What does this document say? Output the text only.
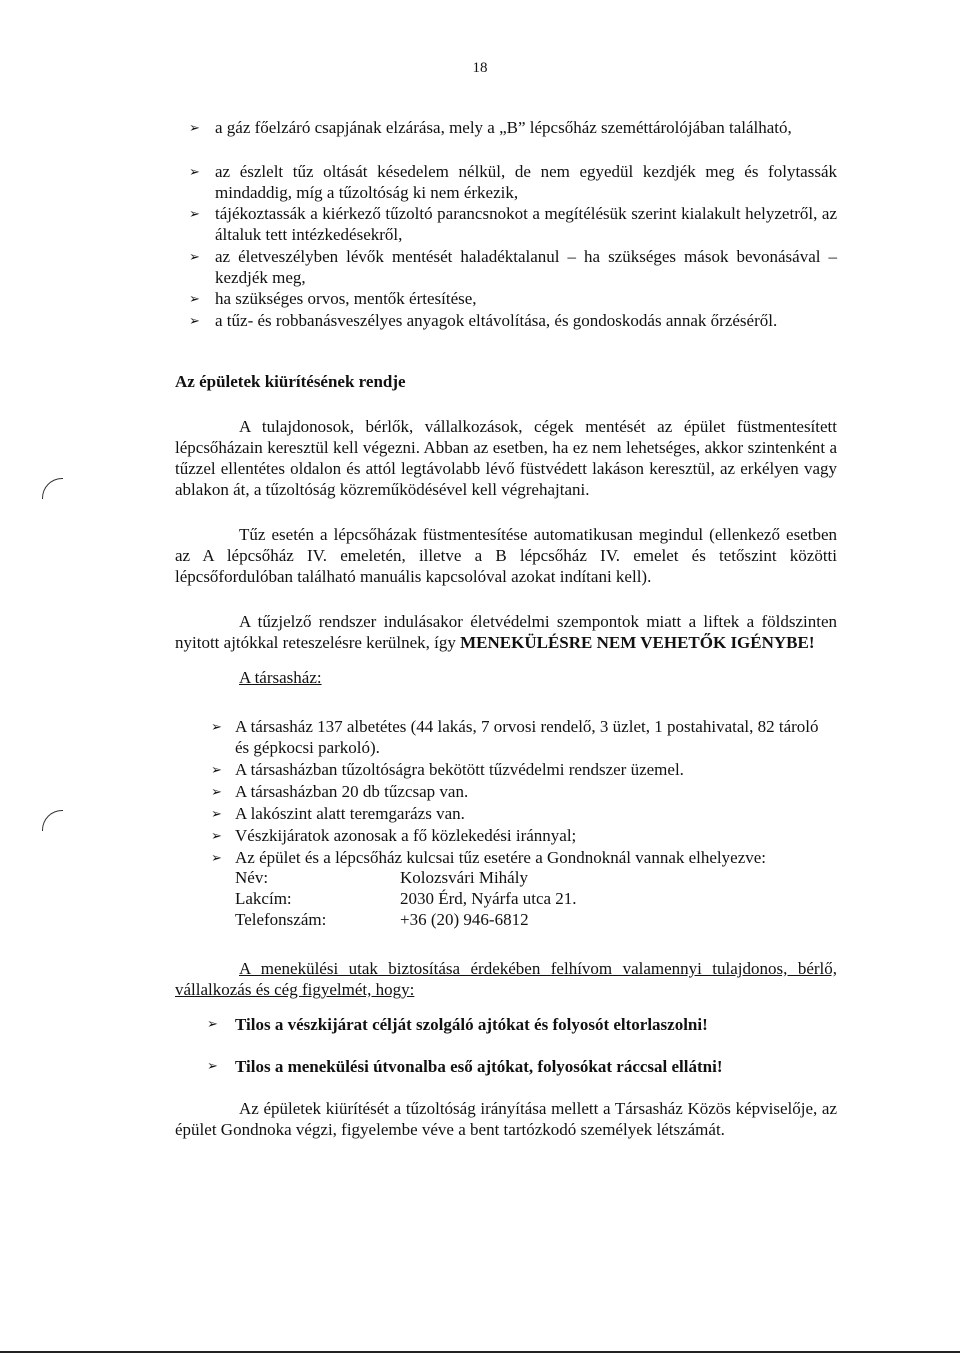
18

➢ a gáz főelzáró csapjának elzárása, mely a „B” lépcsőház szeméttárolójában található,

➢ az észlelt tűz oltását késedelem nélkül, de nem egyedül kezdjék meg és folytassák mindaddig, míg a tűzoltóság ki nem érkezik,

➢ tájékoztassák a kiérkező tűzoltó parancsnokot a megítélésük szerint kialakult helyzetről, az általuk tett intézkedésekről,

➢ az életveszélyben lévők mentését haladéktalanul – ha szükséges mások bevonásával – kezdjék meg,

➢ ha szükséges orvos, mentők értesítése,

➢ a tűz- és robbanásveszélyes anyagok eltávolítása, és gondoskodás annak őrzéséről.

Az épületek kiürítésének rendje

A tulajdonosok, bérlők, vállalkozások, cégek mentését az épület füstmentesített lépcsőházain keresztül kell végezni. Abban az esetben, ha ez nem lehetséges, akkor szintenként a tűzzel ellentétes oldalon és attól legtávolabb lévő füstvédett lakáson keresztül, az erkélyen vagy ablakon át, a tűzoltóság közreműködésével kell végrehajtani.

Tűz esetén a lépcsőházak füstmentesítése automatikusan megindul (ellenkező esetben az A lépcsőház IV. emeletén, illetve a B lépcsőház IV. emelet és tetőszint közötti lépcsőfordulóban található manuális kapcsolóval azokat indítani kell).

A tűzjelző rendszer indulásakor életvédelmi szempontok miatt a liftek a földszinten nyitott ajtókkal reteszelésre kerülnek, így MENEKÜLÉSRE NEM VEHETŐK IGÉNYBE!

A társasház:

➢ A társasház 137 albetétes (44 lakás, 7 orvosi rendelő, 3 üzlet, 1 postahivatal, 82 tároló és gépkocsi parkoló).

➢ A társasházban tűzoltóságra bekötött tűzvédelmi rendszer üzemel.

➢ A társasházban 20 db tűzcsap van.

➢ A lakószint alatt teremgarázs van.

➢ Vészkijáratok azonosak a fő közlekedési iránnyal;

➢ Az épület és a lépcsőház kulcsai tűz esetére a Gondnoknál vannak elhelyezve:

Név:	Kolozsvári Mihály
Lakcím:	2030 Érd, Nyárfa utca 21.
Telefonszám:	+36 (20) 946-6812

A menekülési utak biztosítása érdekében felhívom valamennyi tulajdonos, bérlő, vállalkozás és cég figyelmét, hogy:

➢ Tilos a vészkijárat célját szolgáló ajtókat és folyosót eltorlaszolni!
➢ Tilos a menekülési útvonalba eső ajtókat, folyosókat ráccsal ellátni!

Az épületek kiürítését a tűzoltóság irányítása mellett a Társasház Közös képviselője, az épület Gondnoka végzi, figyelembe véve a bent tartózkodó személyek létszámát.
